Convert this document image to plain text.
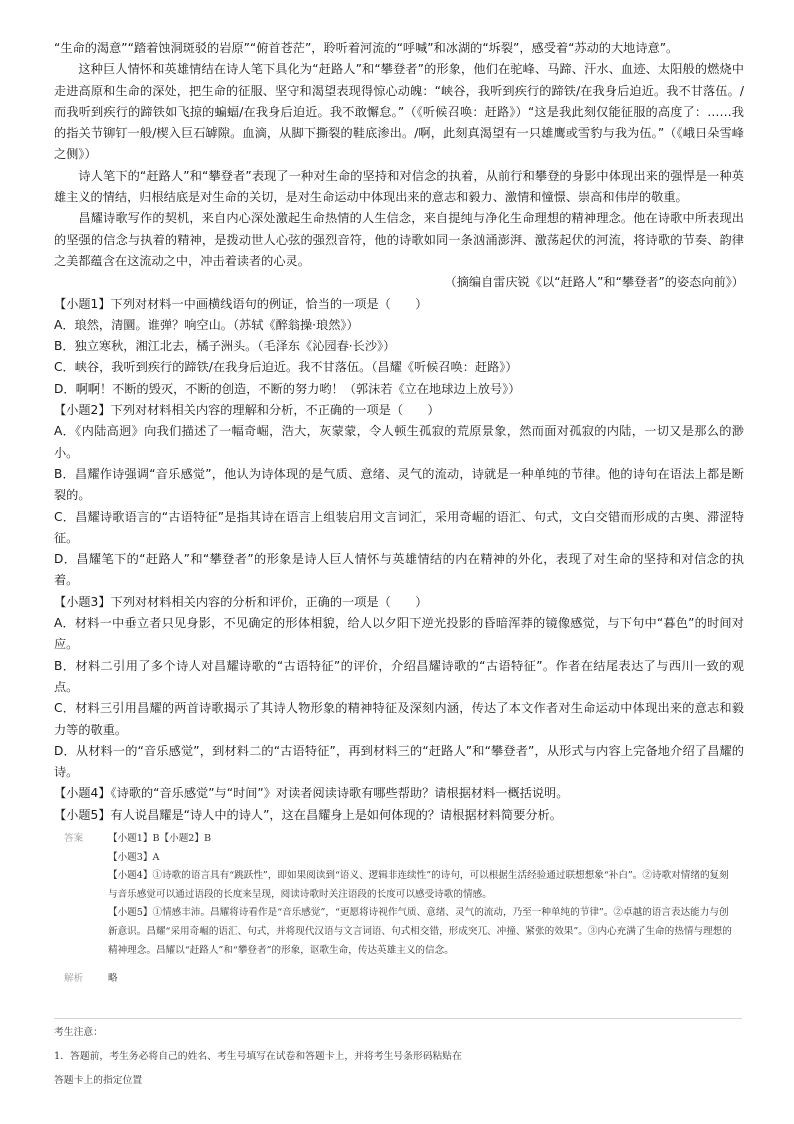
“生命的渴意”“踏着蚀洞斑驳的岩原”“俯首苍茫”，聆听着河流的“呼喊”和冰湖的“坼裂”，感受着“苏动的大地诗意”。

这种巨人情怀和英雄情结在诗人笔下具化为“赶路人”和“攀登者”的形象，他们在驼峰、马蹄、汗水、血迹、太阳般的燃烧中走进高原和生命的深处，把生命的征服、坚守和渴望表现得惊心动魄：“峡谷，我听到疾行的蹄铁/在我身后迫近。我不甘落伍。/而我听到疾行的蹄铁如飞掠的蝙蝠/在我身后迫近。我不敢懈怠。”（《听候召唤：赶路》）“这是我此刻仅能征服的高度了：……我的指关节铆钉一般/楔入巨石罅隙。血滴，从脚下撕裂的鞋底渗出。/啊，此刻真渴望有一只雄鹰或雪豹与我为伍。”（《峨日朵雪峰之侧》）

诗人笔下的“赶路人”和“攀登者”表现了一种对生命的坚持和对信念的执着，从前行和攀登的身影中体现出来的强悍是一种英雄主义的情结，归根结底是对生命的关切，是对生命运动中体现出来的意志和毅力、激情和憧憬、崇高和伟岸的敬重。

昌耀诗歌写作的契机，来自内心深处激起生命热情的人生信念，来自提纯与净化生命理想的精神理念。他在诗歌中所表现出的坚强的信念与执着的精神，是拨动世人心弦的强烈音符，他的诗歌如同一条汹涌澎湃、激荡起伏的河流，将诗歌的节奏、韵律之美都蕴含在这流动之中，冲击着读者的心灵。

（摘编自雷庆锐《以“赶路人”和“攀登者”的姿态向前》）

【小题1】下列对材料一中画横线语句的例证，恰当的一项是（　　）

A．琅然，清圜。谁弹？响空山。（苏轼《醉翁操·琅然》）

B．独立寒秋，湘江北去，橘子洲头。（毛泽东《沁园春·长沙》）

C．峡谷，我听到疾行的蹄铁/在我身后迫近。我不甘落伍。（昌耀《听候召唤：赶路》）

D．啊啊！不断的毁灭，不断的创造，不断的努力哟！（郭沫若《立在地球边上放号》）

【小题2】下列对材料相关内容的理解和分析，不正确的一项是（　　）

A．《内陆高迥》向我们描述了一幅奇崛，浩大，灰蒙蒙，令人顿生孤寂的荒原景象，然而面对孤寂的内陆，一切又是那么的渺小。

B．昌耀作诗强调“音乐感觉”，他认为诗体现的是气质、意绪、灵气的流动，诗就是一种单纯的节律。他的诗句在语法上都是断裂的。

C．昌耀诗歌语言的“古语特征”是指其诗在语言上组装启用文言词汇，采用奇崛的语汇、句式，文白交错而形成的古奥、滞涩特征。

D．昌耀笔下的“赶路人”和“攀登者”的形象是诗人巨人情怀与英雄情结的内在精神的外化，表现了对生命的坚持和对信念的执着。

【小题3】下列对材料相关内容的分析和评价，正确的一项是（　　）

A．材料一中垂立者只见身影，不见确定的形体相貌，给人以夕阳下逆光投影的昏暗浑莽的镜像感觉，与下句中“暮色”的时间对应。

B．材料二引用了多个诗人对昌耀诗歌的“古语特征”的评价，介绍昌耀诗歌的“古语特征”。作者在结尾表达了与西川一致的观点。

C．材料三引用昌耀的两首诗歌揭示了其诗人物形象的精神特征及深刻内涵，传达了本文作者对生命运动中体现出来的意志和毅力等的敬重。

D．从材料一的“音乐感觉”，到材料二的“古语特征”，再到材料三的“赶路人”和“攀登者”，从形式与内容上完备地介绍了昌耀的诗。

【小题4】《诗歌的“音乐感觉”与“时间”》对读者阅读诗歌有哪些帮助？请根据材料一概括说明。

【小题5】有人说昌耀是“诗人中的诗人”，这在昌耀身上是如何体现的？请根据材料简要分析。

答案	【小题1】B【小题2】B

【小题3】A

【小题4】①诗歌的语言具有“跳跃性”，即如果阅读到“语义、逻辑非连续性”的诗句，可以根据生活经验通过联想想象“补白”。②诗歌对情绪的复刻与音乐感觉可以通过语段的长度来呈现，阅读诗歌时关注语段的长度可以感受诗歌的情感。

【小题5】①情感丰沛。昌耀将诗看作是“音乐感觉”，“更愿将诗视作气质、意绪、灵气的流动，乃至一种单纯的节律”。②卓越的语言表达能力与创新意识。昌耀“采用奇崛的语汇、句式，并将现代汉语与文言词语、句式相交错，形成突兀、冲撞、紧张的效果”。③内心充满了生命的热情与理想的精神理念。昌耀以“赶路人”和“攀登者”的形象，讴歌生命，传达英雄主义的信念。

解析	略

考生注意：

1．答题前，考生务必将自己的姓名、考生号填写在试卷和答题卡上，并将考生号条形码粘贴在

答题卡上的指定位置
